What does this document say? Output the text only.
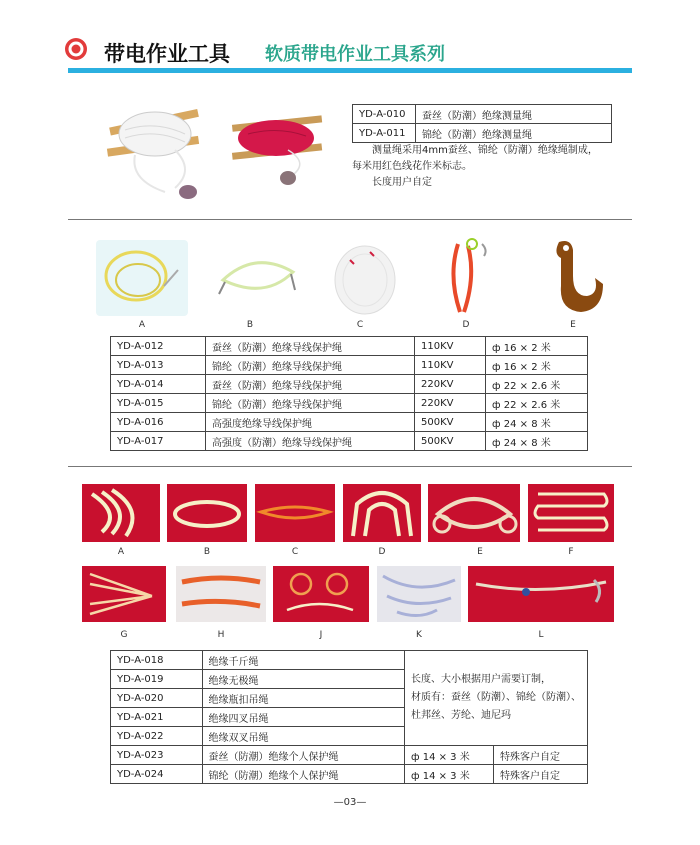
带电作业工具 软质带电作业工具系列
YD-A-010	蚕丝（防潮）绝缘测量绳
YD-A-011	锦纶（防潮）绝缘测量绳
测量绳采用4mm蚕丝、锦纶（防潮）绝缘绳制成，
每米用红色线花作米标志。
长度用户自定
A	B	C	D	E
YD-A-012	蚕丝（防潮）绝缘导线保护绳	110KV	ф 16 × 2 米
YD-A-013	锦纶（防潮）绝缘导线保护绳	110KV	ф 16 × 2 米
YD-A-014	蚕丝（防潮）绝缘导线保护绳	220KV	ф 22 × 2.6 米
YD-A-015	锦纶（防潮）绝缘导线保护绳	220KV	ф 22 × 2.6 米
YD-A-016	高强度绝缘导线保护绳	500KV	ф 24 × 8 米
YD-A-017	高强度（防潮）绝缘导线保护绳	500KV	ф 24 × 8 米
A	B	C	D	E	F
G	H	J	K	L
YD-A-018	绝缘千斤绳	长度、大小根据用户需要订制，
材质有：蚕丝（防潮）、锦纶（防潮）、
杜邦丝、芳纶、迪尼玛	

YD-A-019	绝缘无极绳		
YD-A-020	绝缘瓶扣吊绳		
YD-A-021	绝缘四叉吊绳		
YD-A-022	绝缘双叉吊绳		
YD-A-023	蚕丝（防潮）绝缘个人保护绳	ф 14 × 3 米	特殊客户自定
YD-A-024	锦纶（防潮）绝缘个人保护绳	ф 14 × 3 米	特殊客户自定
—03—
